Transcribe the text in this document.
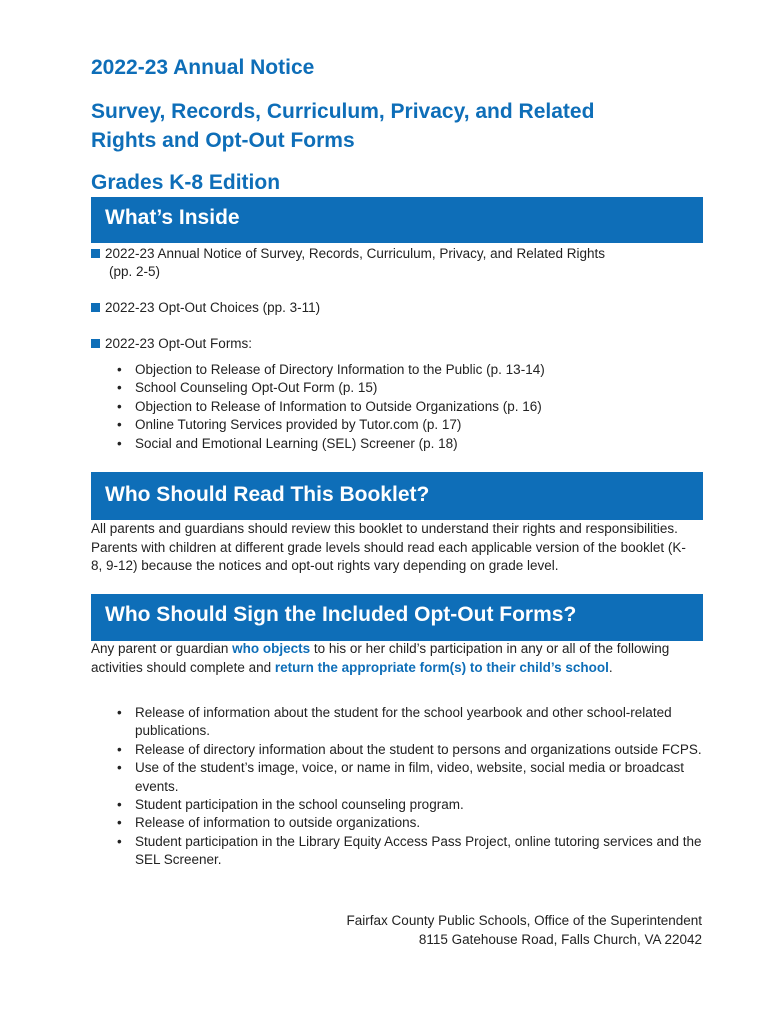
2022-23 Annual Notice
Survey, Records, Curriculum, Privacy, and Related
Rights and Opt-Out Forms
Grades K-8 Edition
What’s Inside
2022-23 Annual Notice of Survey, Records, Curriculum, Privacy, and Related Rights
(pp. 2-5)
2022-23 Opt-Out Choices (pp. 3-11)
2022-23 Opt-Out Forms:
• Objection to Release of Directory Information to the Public (p. 13-14)
• School Counseling Opt-Out Form (p. 15)
• Objection to Release of Information to Outside Organizations (p. 16)
• Online Tutoring Services provided by Tutor.com (p. 17)
• Social and Emotional Learning (SEL) Screener (p. 18)
Who Should Read This Booklet?

All parents and guardians should review this booklet to understand their rights and responsibilities. Parents with children at different grade levels should read each applicable version of the booklet (K-8, 9-12) because the notices and opt-out rights vary depending on grade level.

Who Should Sign the Included Opt-Out Forms?

Any parent or guardian who objects to his or her child’s participation in any or all of the following activities should complete and return the appropriate form(s) to their child’s school.

• Release of information about the student for the school yearbook and other school-related publications.
• Release of directory information about the student to persons and organizations outside FCPS.
• Use of the student’s image, voice, or name in film, video, website, social media or broadcast events.
• Student participation in the school counseling program.
• Release of information to outside organizations.
• Student participation in the Library Equity Access Pass Project, online tutoring services and the SEL Screener.
Fairfax County Public Schools, Office of the Superintendent
8115 Gatehouse Road, Falls Church, VA 22042
